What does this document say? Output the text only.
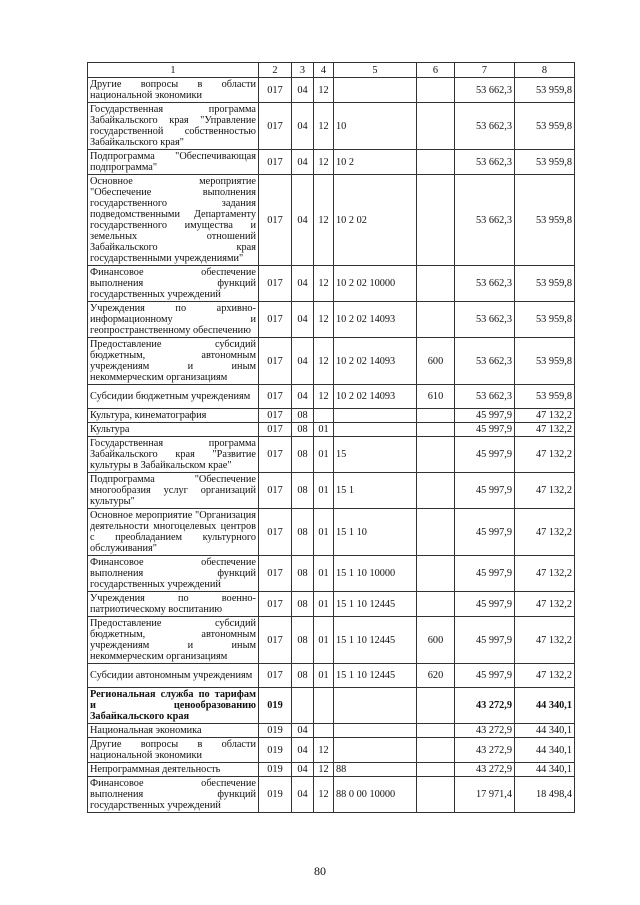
1	2	3	4	5	6	7	8
Другие вопросы в области национальной экономики	017	04	12			53 662,3	53 959,8
Государственная программа Забайкальского края "Управление государственной собственностью Забайкальского края"	017	04	12	10		53 662,3	53 959,8
Подпрограмма "Обеспечивающая подпрограмма"	017	04	12	10 2		53 662,3	53 959,8
Основное мероприятие "Обеспечение выполнения государственного задания подведомственными Департаменту государственного имущества и земельных отношений Забайкальского края государственными учреждениями"	017	04	12	10 2 02		53 662,3	53 959,8
Финансовое обеспечение выполнения функций государственных учреждений	017	04	12	10 2 02 10000		53 662,3	53 959,8
Учреждения по архивно-информационному и геопространственному обеспечению	017	04	12	10 2 02 14093		53 662,3	53 959,8
Предоставление субсидий бюджетным, автономным учреждениям и иным некоммерческим организациям	017	04	12	10 2 02 14093	600	53 662,3	53 959,8
Субсидии бюджетным учреждениям	017	04	12	10 2 02 14093	610	53 662,3	53 959,8
Культура, кинематография	017	08				45 997,9	47 132,2
Культура	017	08	01			45 997,9	47 132,2
Государственная программа Забайкальского края "Развитие культуры в Забайкальском крае"	017	08	01	15		45 997,9	47 132,2
Подпрограмма "Обеспечение многообразия услуг организаций культуры"	017	08	01	15 1		45 997,9	47 132,2
Основное мероприятие "Организация деятельности многоцелевых центров с преобладанием культурного обслуживания"	017	08	01	15 1 10		45 997,9	47 132,2
Финансовое обеспечение выполнения функций государственных учреждений	017	08	01	15 1 10 10000		45 997,9	47 132,2
Учреждения по военно-патриотическому воспитанию	017	08	01	15 1 10 12445		45 997,9	47 132,2
Предоставление субсидий бюджетным, автономным учреждениям и иным некоммерческим организациям	017	08	01	15 1 10 12445	600	45 997,9	47 132,2
Субсидии автономным учреждениям	017	08	01	15 1 10 12445	620	45 997,9	47 132,2
Региональная служба по тарифам и ценообразованию Забайкальского края	019					43 272,9	44 340,1
Национальная экономика	019	04				43 272,9	44 340,1
Другие вопросы в области национальной экономики	019	04	12			43 272,9	44 340,1
Непрограммная деятельность	019	04	12	88		43 272,9	44 340,1
Финансовое обеспечение выполнения функций государственных учреждений	019	04	12	88 0 00 10000		17 971,4	18 498,4
80
